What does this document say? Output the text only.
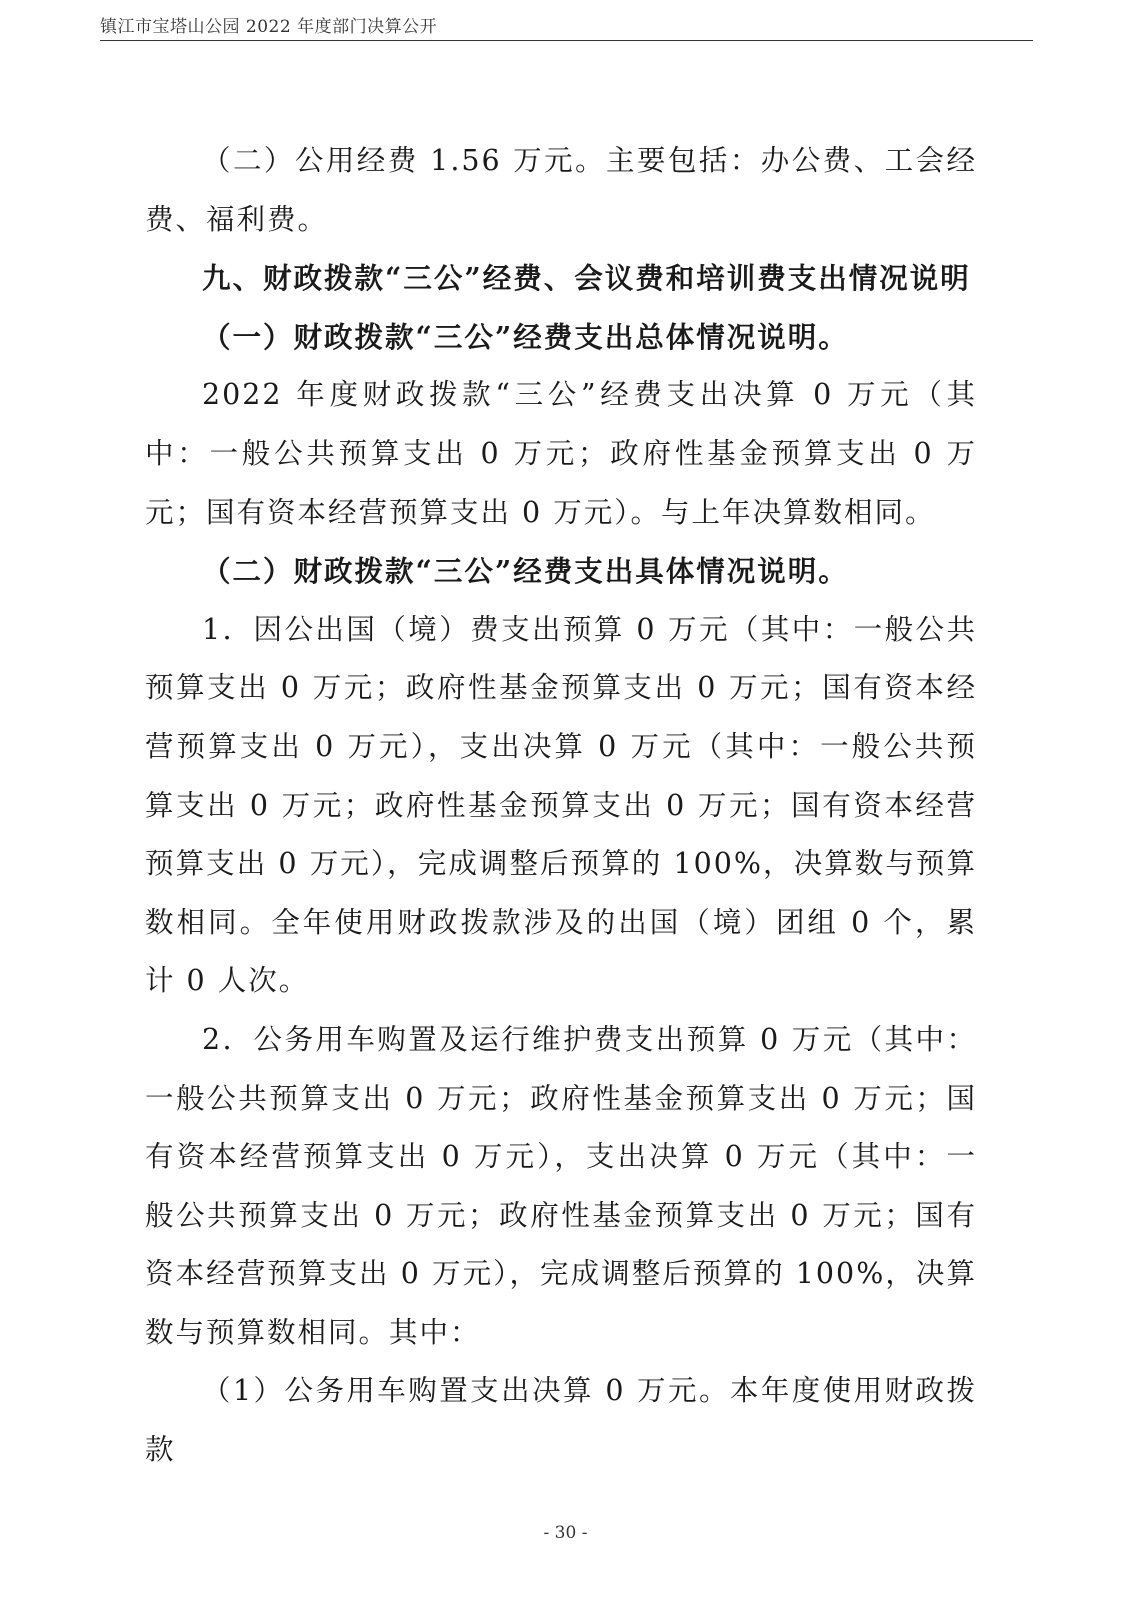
镇江市宝塔山公园 2022 年度部门决算公开

（二）公用经费 1.56 万元。主要包括：办公费、工会经费、福利费。

九、财政拨款“三公”经费、会议费和培训费支出情况说明

（一）财政拨款“三公”经费支出总体情况说明。

2022 年度财政拨款“三公”经费支出决算 0 万元（其中：一般公共预算支出 0 万元；政府性基金预算支出 0 万元；国有资本经营预算支出 0 万元）。与上年决算数相同。

（二）财政拨款“三公”经费支出具体情况说明。

1．因公出国（境）费支出预算 0 万元（其中：一般公共预算支出 0 万元；政府性基金预算支出 0 万元；国有资本经营预算支出 0 万元），支出决算 0 万元（其中：一般公共预算支出 0 万元；政府性基金预算支出 0 万元；国有资本经营预算支出 0 万元），完成调整后预算的 100%，决算数与预算数相同。全年使用财政拨款涉及的出国（境）团组 0 个，累计 0 人次。

2．公务用车购置及运行维护费支出预算 0 万元（其中：一般公共预算支出 0 万元；政府性基金预算支出 0 万元；国有资本经营预算支出 0 万元），支出决算 0 万元（其中：一般公共预算支出 0 万元；政府性基金预算支出 0 万元；国有资本经营预算支出 0 万元），完成调整后预算的 100%，决算数与预算数相同。其中：

（1）公务用车购置支出决算 0 万元。本年度使用财政拨款

- 30 -
